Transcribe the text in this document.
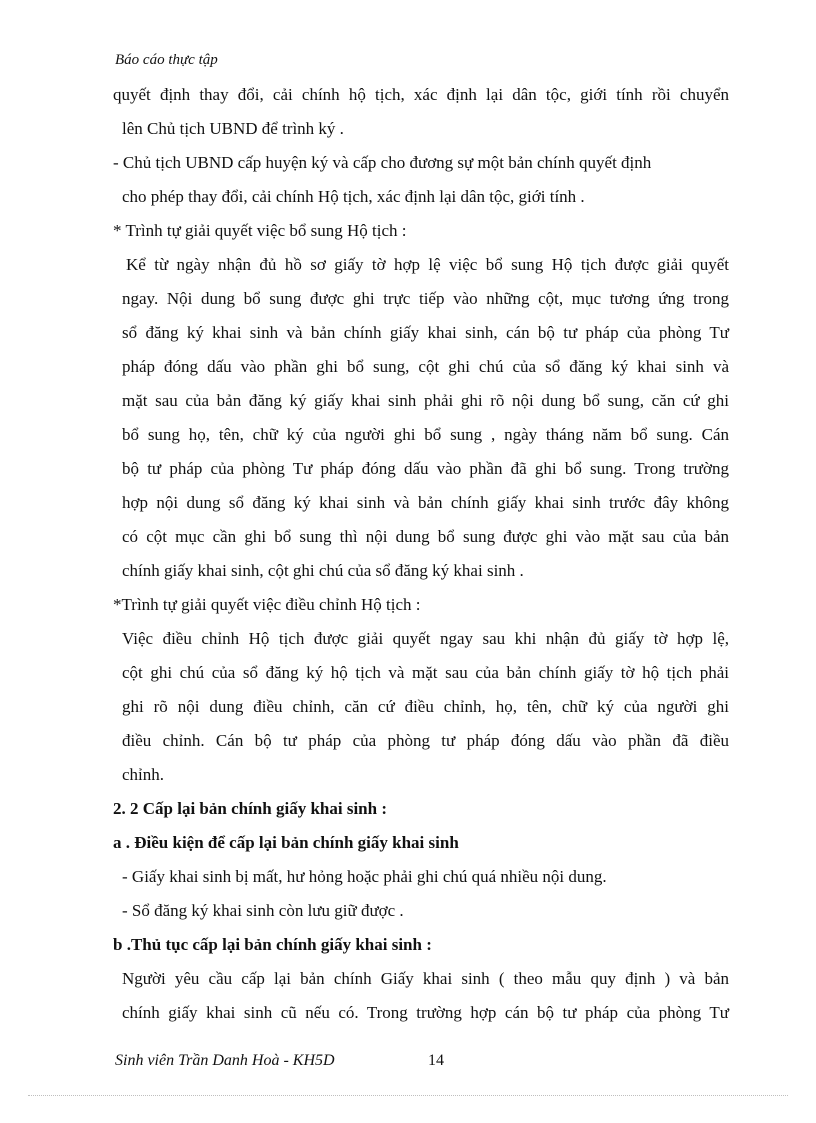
Báo cáo thực tập
quyết định thay đổi, cải chính hộ tịch, xác định lại dân tộc, giới tính rồi chuyển
lên Chủ tịch UBND để trình ký .
- Chủ tịch UBND cấp huyện ký và cấp cho đương sự một bản chính quyết định
cho phép thay đổi, cải chính Hộ tịch, xác định lại dân tộc, giới tính .
* Trình tự giải quyết việc bổ sung Hộ tịch :
Kể từ ngày nhận đủ hồ sơ giấy tờ hợp lệ việc bổ sung Hộ tịch được giải quyết
ngay. Nội dung bổ sung được ghi trực tiếp vào những cột, mục tương ứng trong
sổ đăng ký khai sinh và bản chính giấy khai sinh, cán bộ tư pháp của phòng Tư
pháp đóng dấu vào phần ghi bổ sung, cột ghi chú của sổ đăng ký khai sinh và
mặt sau của bản đăng ký giấy khai sinh phải ghi rõ nội dung bổ sung, căn cứ ghi
bổ sung họ, tên, chữ ký của người ghi bổ sung , ngày tháng năm bổ sung. Cán
bộ tư pháp của phòng Tư pháp đóng dấu vào phần đã ghi bổ sung. Trong trường
hợp nội dung sổ đăng ký khai sinh và bản chính giấy khai sinh trước đây không
có cột mục cần ghi bổ sung thì nội dung bổ sung được ghi vào mặt sau của bản
chính giấy khai sinh, cột ghi chú của sổ đăng ký khai sinh .
*Trình tự giải quyết việc điều chỉnh Hộ tịch :
Việc điều chỉnh Hộ tịch được giải quyết ngay sau khi nhận đủ giấy tờ hợp lệ,
cột ghi chú của sổ đăng ký hộ tịch và mặt sau của bản chính giấy tờ hộ tịch phải
ghi rõ nội dung điều chỉnh, căn cứ điều chỉnh, họ, tên, chữ ký của người ghi
điều chỉnh. Cán bộ tư pháp của phòng tư pháp đóng dấu vào phần đã điều
chỉnh.
2. 2 Cấp lại bản chính giấy khai sinh :
a . Điều kiện để cấp lại bản chính giấy khai sinh
- Giấy khai sinh bị mất, hư hỏng hoặc phải ghi chú quá nhiều nội dung.
- Sổ đăng ký khai sinh còn lưu giữ được .
b .Thủ tục cấp lại bản chính giấy khai sinh :
Người yêu cầu cấp lại bản chính Giấy khai sinh ( theo mẫu quy định ) và bản
chính giấy khai sinh cũ nếu có. Trong trường hợp cán bộ tư pháp của phòng Tư
Sinh viên Trần Danh Hoà - KH5D	14
